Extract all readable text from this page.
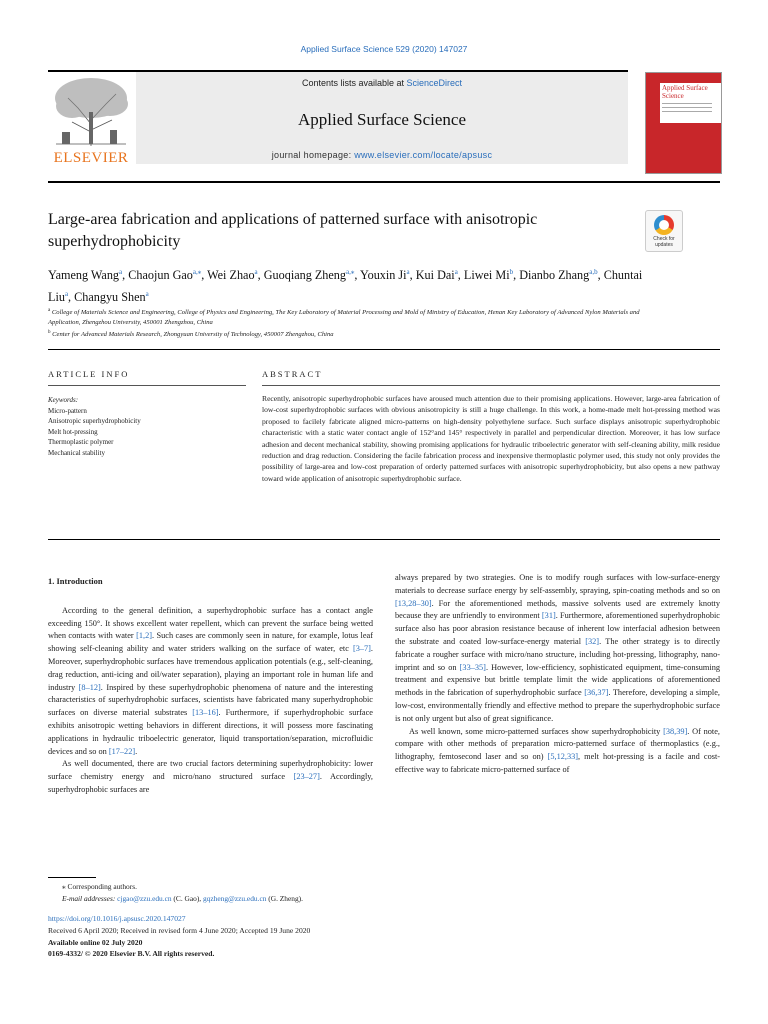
Applied Surface Science 529 (2020) 147027
ELSEVIER
Contents lists available at ScienceDirect
Applied Surface Science
journal homepage: www.elsevier.com/locate/apsusc
Applied Surface Science
Large-area fabrication and applications of patterned surface with anisotropic superhydrophobicity	Check for updates
Yameng Wang$^a$, Chaojun Gao$^{a,⁎}$, Wei Zhao$^a$, Guoqiang Zheng$^{a,⁎}$, Youxin Ji$^a$, Kui Dai$^a$, Liwei Mi$^b$, Dianbo Zhang$^{a,b}$, Chuntai Liu$^a$, Changyu Shen$^a$
$^a$ College of Materials Science and Engineering, College of Physics and Engineering, The Key Laboratory of Material Processing and Mold of Ministry of Education, Henan Key Laboratory of Advanced Nylon Materials and Application, Zhengzhou University, 450001 Zhengzhou, China
$^b$ Center for Advanced Materials Research, Zhongyuan University of Technology, 450007 Zhengzhou, China
ARTICLE INFO	ABSTRACT
Keywords:
Micro-pattern
Anisotropic superhydrophobicity
Melt hot-pressing
Thermoplastic polymer
Mechanical stability
Recently, anisotropic superhydrophobic surfaces have aroused much attention due to their promising applications. However, large-area fabrication of low-cost superhydrophobic surfaces with obvious anisotropicity is still a huge challenge. In this work, a home-made melt hot-pressing method was proposed to facilely fabricate aligned micro-patterns on high-density polyethylene surface. Such surface displays anisotropic superhydrophobic characteristic with a static water contact angle of 152°and 145° respectively in parallel and perpendicular direction. Moreover, it has low surface adhesion and decent mechanical stability, showing promising applications for hydraulic triboelectric generator with self-cleaning ability, milk residue reduction and drag reduction. Considering the facile fabrication process and inexpensive thermoplastic polymer used, this study not only provides the possibility of large-area and low-cost preparation of orderly patterned surfaces with anisotropic superhydrophobicity, but also opens a new pathway toward wide application of anisotropic superhydrophobic surface.
1. Introduction

According to the general definition, a superhydrophobic surface has a contact angle exceeding 150°. It shows excellent water repellent, which can prevent the surface being wetted when contacts with water [1,2]. Such cases are commonly seen in nature, for example, lotus leaf showing self-cleaning ability and water striders walking on the surface of water, etc [3–7]. Moreover, superhydrophobic surfaces have tremendous application potentials (e.g., self-cleaning, drag reduction, anti-icing and oil/water separation), playing an important role in human life and industry [8–12]. Inspired by these superhydrophobic phenomena of nature and the interesting characteristics of superhydrophobic surfaces, scientists have fabricated many superhydrophobic surfaces on diverse material substrates [13–16]. Furthermore, if superhydrophobic surface exhibits anisotropic wetting behaviors in different directions, it will possess more fascinating applications in hydraulic triboelectric generator, liquid transportation/separation, microfluidic devices and so on [17–22].

As well documented, there are two crucial factors determining superhydrophobicity: lower surface chemistry energy and micro/nano structured surface [23–27]. Accordingly, superhydrophobic surfaces are

always prepared by two strategies. One is to modify rough surfaces with low-surface-energy materials to decrease surface energy by self-assembly, spraying, spin-coating methods and so on [13,28–30]. For the aforementioned methods, massive solvents used are extremely knotty because they are unfriendly to environment [31]. Furthermore, aforementioned superhydrophobic surface also has poor abrasion resistance because of inherent low interfacial adhesion between the substrate and coated low-surface-energy material [32]. The other strategy is to directly fabricate a rougher surface with micro/nano structure, including hot-pressing, lithography, nano-imprint and so on [33–35]. However, low-efficiency, sophisticated equipment, time-consuming treatment and expensive but brittle template limit the wide applications of aforementioned methods in the fabrication of superhydrophobic surface [36,37]. Therefore, developing a simple, low-cost, environmentally friendly and effective method to prepare the superhydrophobic surface is not only urgent but also of great significance.

As well known, some micro-patterned surfaces show superhydrophobicity [38,39]. Of note, compare with other methods of preparation micro-patterned surface of thermoplastics (e.g., lithography, femtosecond laser and so on) [5,12,33], melt hot-pressing is a facile and cost-effective way to fabricate micro-patterned surface of

⁎ Corresponding authors.
E-mail addresses: cjgao@zzu.edu.cn (C. Gao), gqzheng@zzu.edu.cn (G. Zheng).
https://doi.org/10.1016/j.apsusc.2020.147027
Received 6 April 2020; Received in revised form 4 June 2020; Accepted 19 June 2020
Available online 02 July 2020
0169-4332/ © 2020 Elsevier B.V. All rights reserved.
